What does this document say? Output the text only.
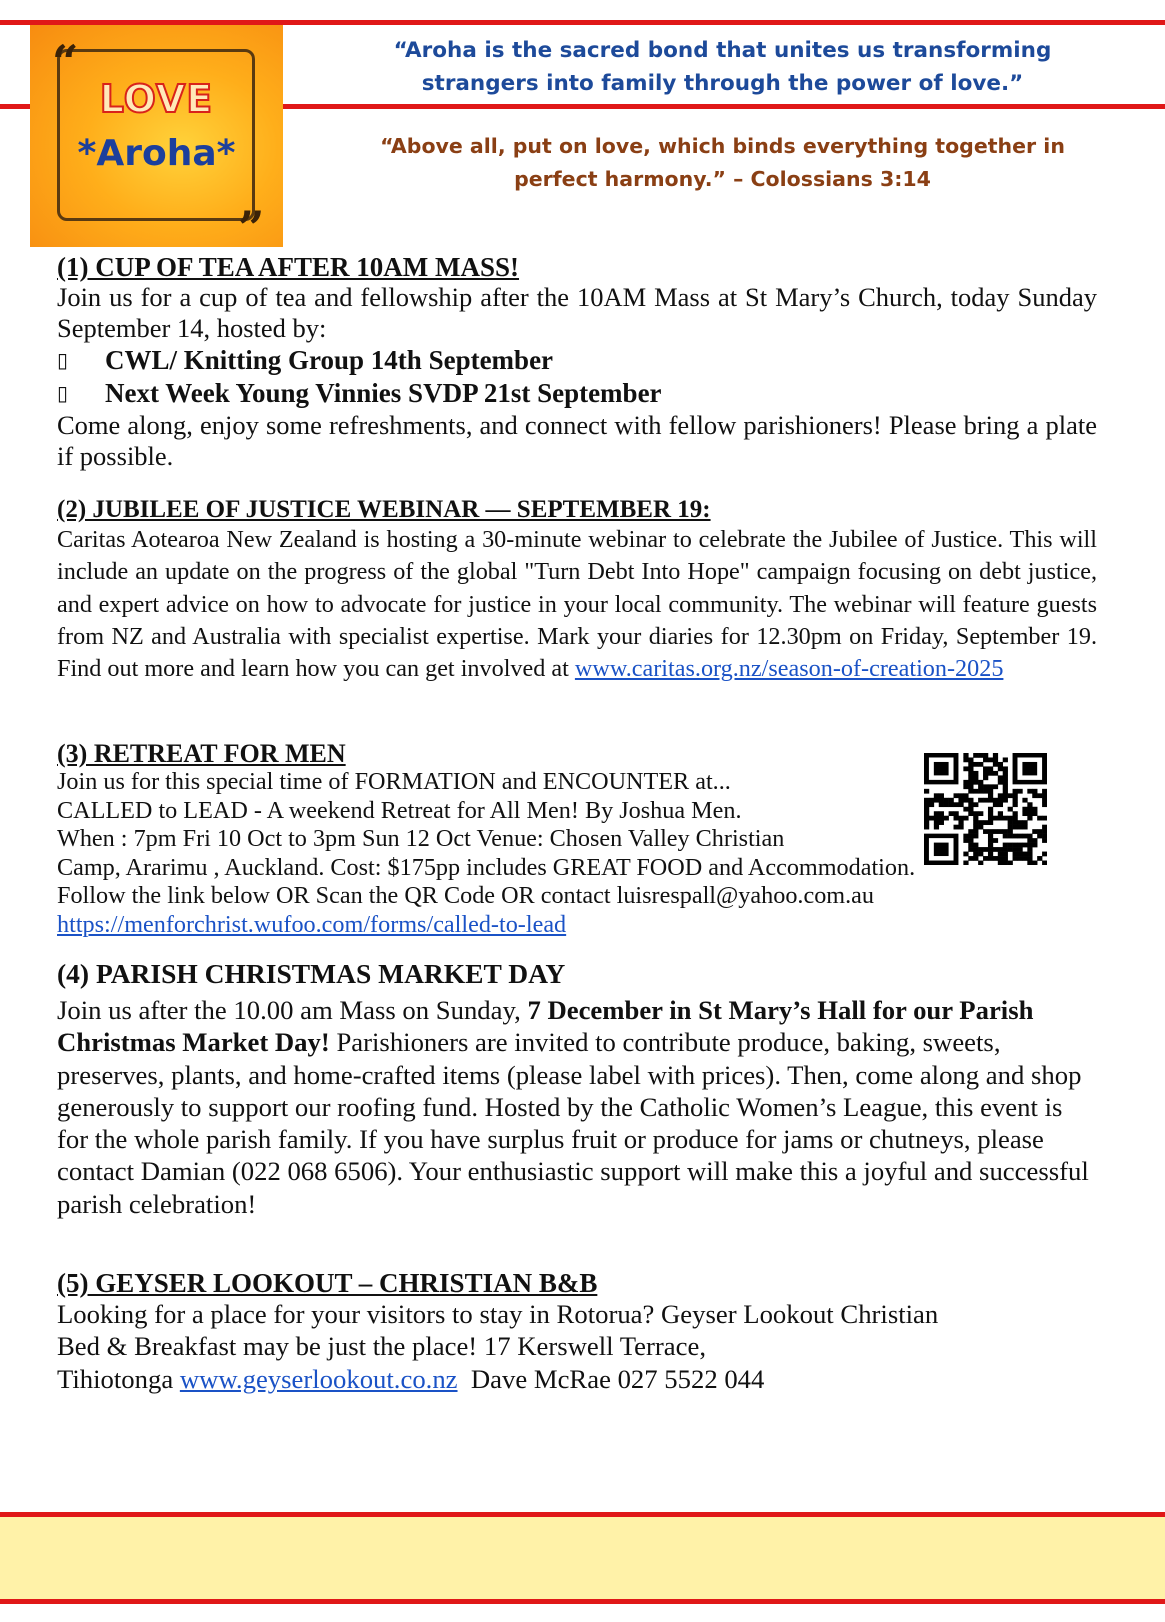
“
LOVE
*Aroha*
”
“Aroha is the sacred bond that unites us transforming
strangers into family through the power of love.”
“Above all, put on love, which binds everything together in
perfect harmony.” – Colossians 3:14

(1) CUP OF TEA AFTER 10AM MASS!

Join us for a cup of tea and fellowship after the 10AM Mass at St Mary’s Church, today Sunday September 14, hosted by:

▯	CWL/ Knitting Group 14th September
▯	Next Week Young Vinnies SVDP 21st September

Come along, enjoy some refreshments, and connect with fellow parishioners! Please bring a plate if possible.

(2) JUBILEE OF JUSTICE WEBINAR — SEPTEMBER 19:

Caritas Aotearoa New Zealand is hosting a 30-minute webinar to celebrate the Jubilee of Justice. This will include an update on the progress of the global "Turn Debt Into Hope" campaign focusing on debt justice, and expert advice on how to advocate for justice in your local community. The webinar will feature guests from NZ and Australia with specialist expertise. Mark your diaries for 12.30pm on Friday, September 19. Find out more and learn how you can get involved at www.caritas.org.nz/season-of-creation-2025

(3) RETREAT FOR MEN

Join us for this special time of FORMATION and ENCOUNTER at...

CALLED to LEAD - A weekend Retreat for All Men! By Joshua Men.

When : 7pm Fri 10 Oct to 3pm Sun 12 Oct Venue: Chosen Valley Christian

Camp, Ararimu , Auckland. Cost: $175pp includes GREAT FOOD and Accommodation.

Follow the link below OR Scan the QR Code OR contact luisrespall@yahoo.com.au

https://menforchrist.wufoo.com/forms/called-to-lead

(4) PARISH CHRISTMAS MARKET DAY

Join us after the 10.00 am Mass on Sunday, 7 December in St Mary’s Hall for our Parish Christmas Market Day! Parishioners are invited to contribute produce, baking, sweets, preserves, plants, and home-crafted items (please label with prices). Then, come along and shop generously to support our roofing fund. Hosted by the Catholic Women’s League, this event is for the whole parish family. If you have surplus fruit or produce for jams or chutneys, please contact Damian (022 068 6506). Your enthusiastic support will make this a joyful and successful parish celebration!

(5) GEYSER LOOKOUT – CHRISTIAN B&B

Looking for a place for your visitors to stay in Rotorua? Geyser Lookout Christian

Bed & Breakfast may be just the place! 17 Kerswell Terrace,

Tihiotonga www.geyserlookout.co.nz  Dave McRae 027 5522 044
